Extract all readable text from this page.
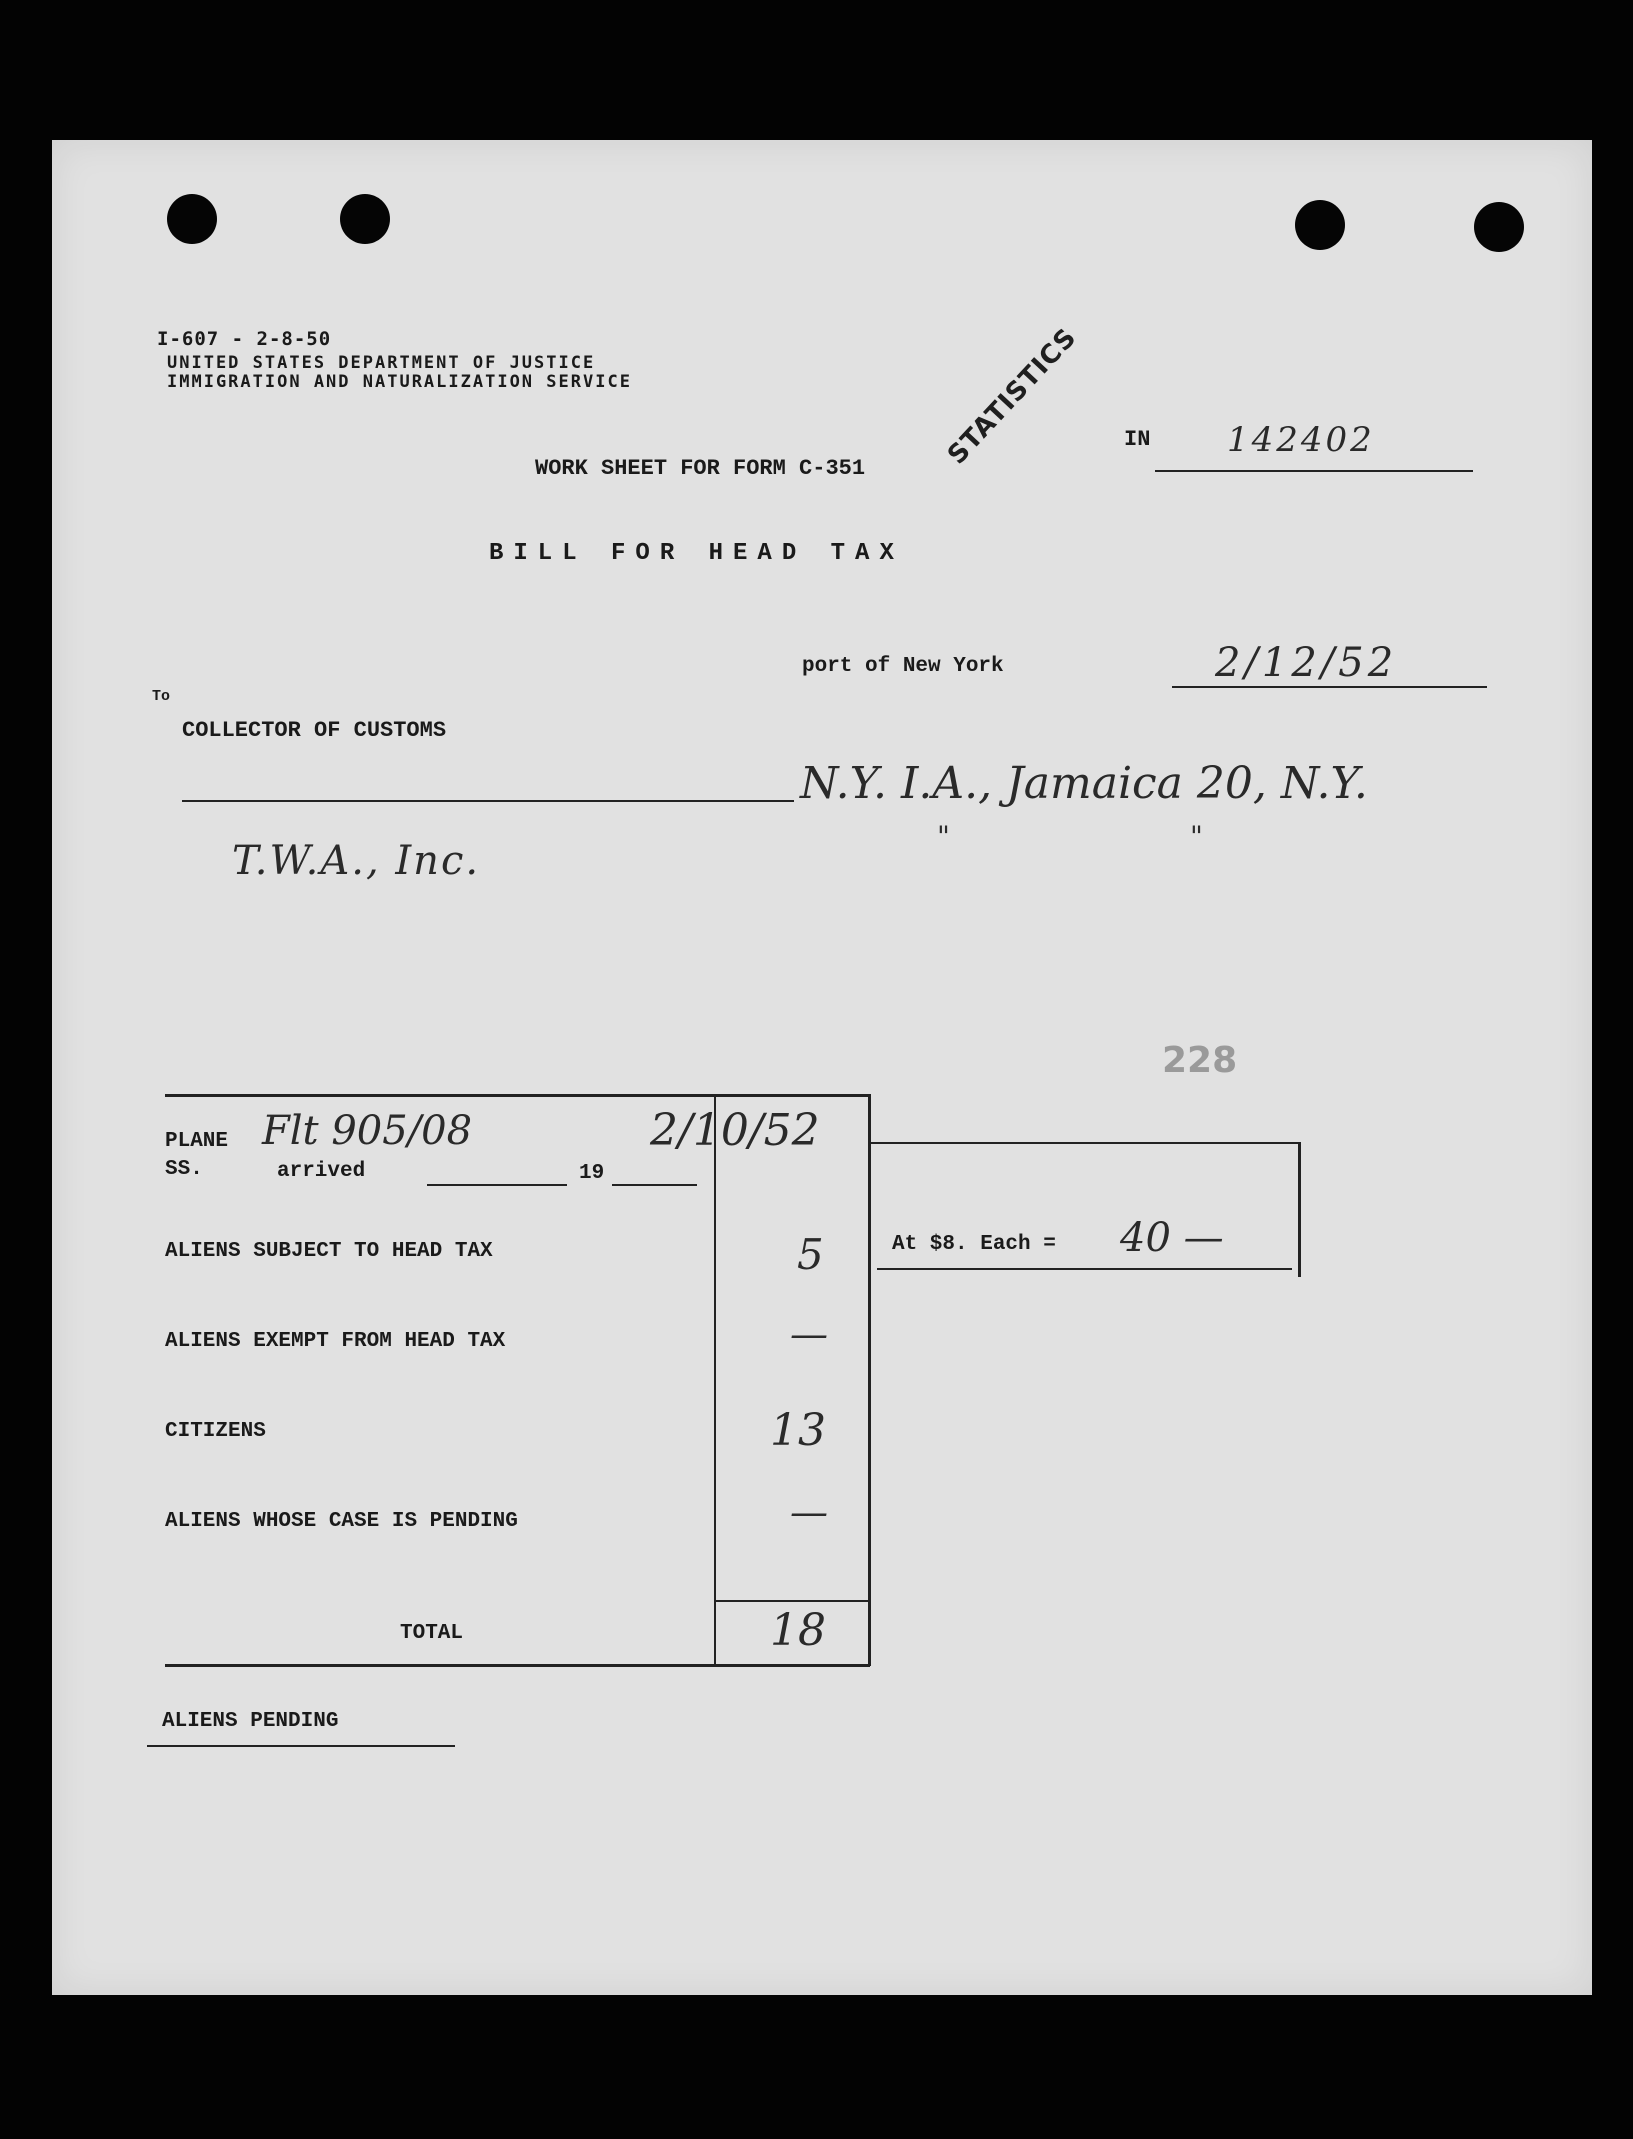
I-607 - 2-8-50
UNITED STATES DEPARTMENT OF JUSTICE
IMMIGRATION AND NATURALIZATION SERVICE	STATISTICS IN 142402
WORK SHEET FOR FORM C-351
BILL FOR HEAD TAX
port of New York	2/12/52
To
COLLECTOR OF CUSTOMS
N.Y. I.A., Jamaica 20, N.Y.
"	"
T.W.A., Inc.
228
PLANE
SS.
Flt 905/08
arrived	19
2/10/52
ALIENS SUBJECT TO HEAD TAX	5
ALIENS EXEMPT FROM HEAD TAX	—
CITIZENS	13
ALIENS WHOSE CASE IS PENDING	—
TOTAL	18
At $8. Each = 40 —
ALIENS PENDING
